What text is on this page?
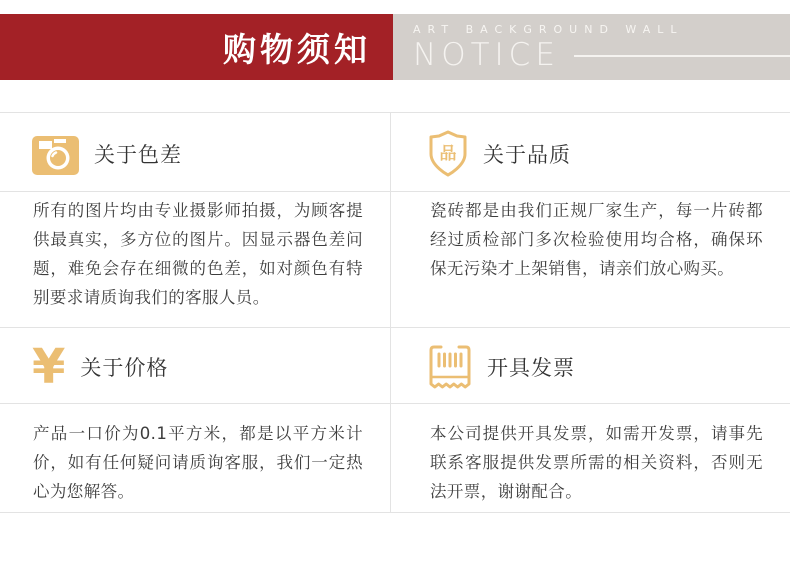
购物须知	ART BACKGROUND WALL
NOTICE
关于色差
所有的图片均由专业摄影师拍摄，为顾客提供最真实，多方位的图片。因显示器色差问题，难免会存在细微的色差，如对颜色有特别要求请质询我们的客服人员。
品 关于品质
瓷砖都是由我们正规厂家生产，每一片砖都经过质检部门多次检验使用均合格，确保环保无污染才上架销售，请亲们放心购买。
¥ 关于价格
产品一口价为0.1平方米，都是以平方米计价，如有任何疑问请质询客服，我们一定热心为您解答。
开具发票
本公司提供开具发票，如需开发票，请事先联系客服提供发票所需的相关资料，否则无法开票，谢谢配合。
